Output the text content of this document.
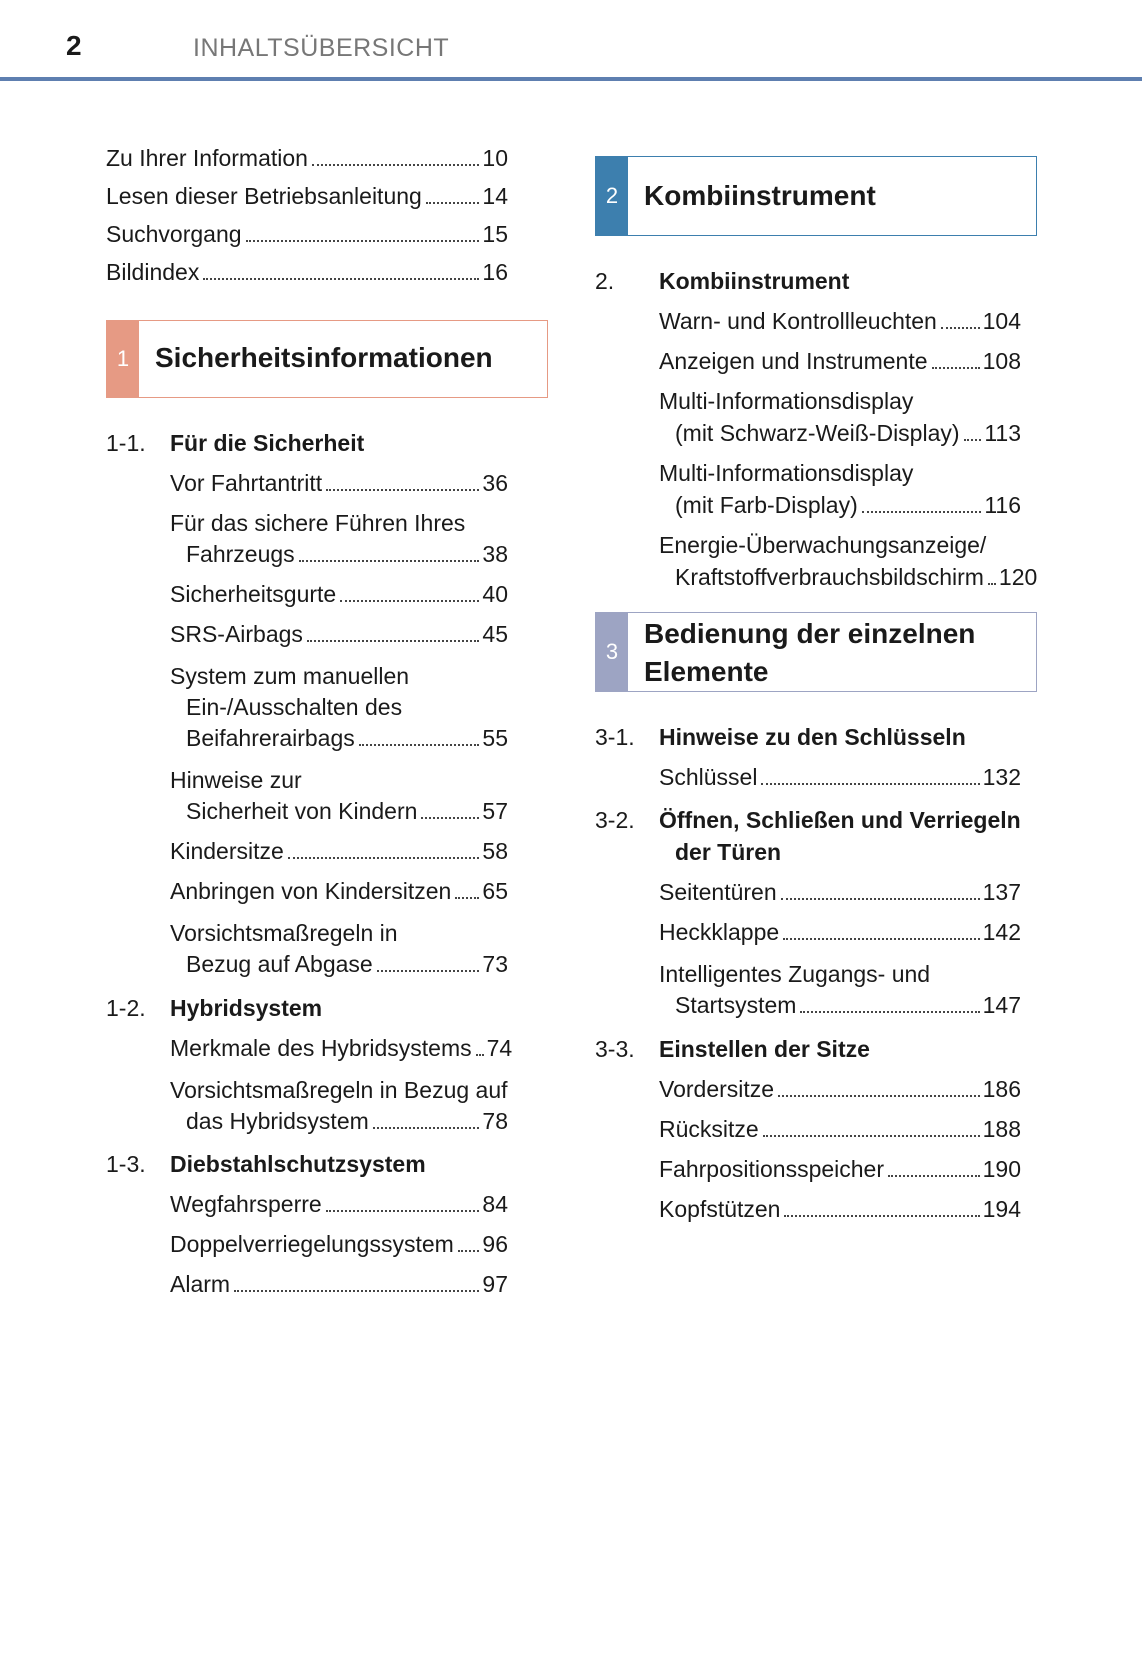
2	INHALTSÜBERSICHT
Zu Ihrer Information	10
Lesen dieser Betriebsanleitung	14
Suchvorgang	15
Bildindex	16
1 Sicherheitsinformationen
1-1. Für die Sicherheit
Vor Fahrtantritt	36
Für das sichere Führen Ihres
Fahrzeugs	38
Sicherheitsgurte	40
SRS-Airbags	45
System zum manuellen
Ein-/Ausschalten des
Beifahrerairbags	55
Hinweise zur
Sicherheit von Kindern	57
Kindersitze	58
Anbringen von Kindersitzen 65
Vorsichtsmaßregeln in
Bezug auf Abgase	73
1-2. Hybridsystem
Merkmale des Hybridsystems 74
Vorsichtsmaßregeln in Bezug auf
das Hybridsystem	78
1-3. Diebstahlschutzsystem
Wegfahrsperre	84
Doppelverriegelungssystem 96
Alarm	97
2 Kombiinstrument
2. Kombiinstrument
Warn- und Kontrollleuchten 104
Anzeigen und Instrumente 108
Multi-Informationsdisplay
(mit Schwarz-Weiß-Display) 113
Multi-Informationsdisplay
(mit Farb-Display)	116
Energie-Überwachungsanzeige/
Kraftstoffverbrauchsbildschirm 120
3
Bedienung der einzelnen
Elemente
3-1. Hinweise zu den Schlüsseln
Schlüssel	132
3-2. Öffnen, Schließen und Verriegeln
der Türen
Seitentüren	137
Heckklappe	142
Intelligentes Zugangs- und
Startsystem	147
3-3. Einstellen der Sitze
Vordersitze	186
Rücksitze	188
Fahrpositionsspeicher	190
Kopfstützen	194
